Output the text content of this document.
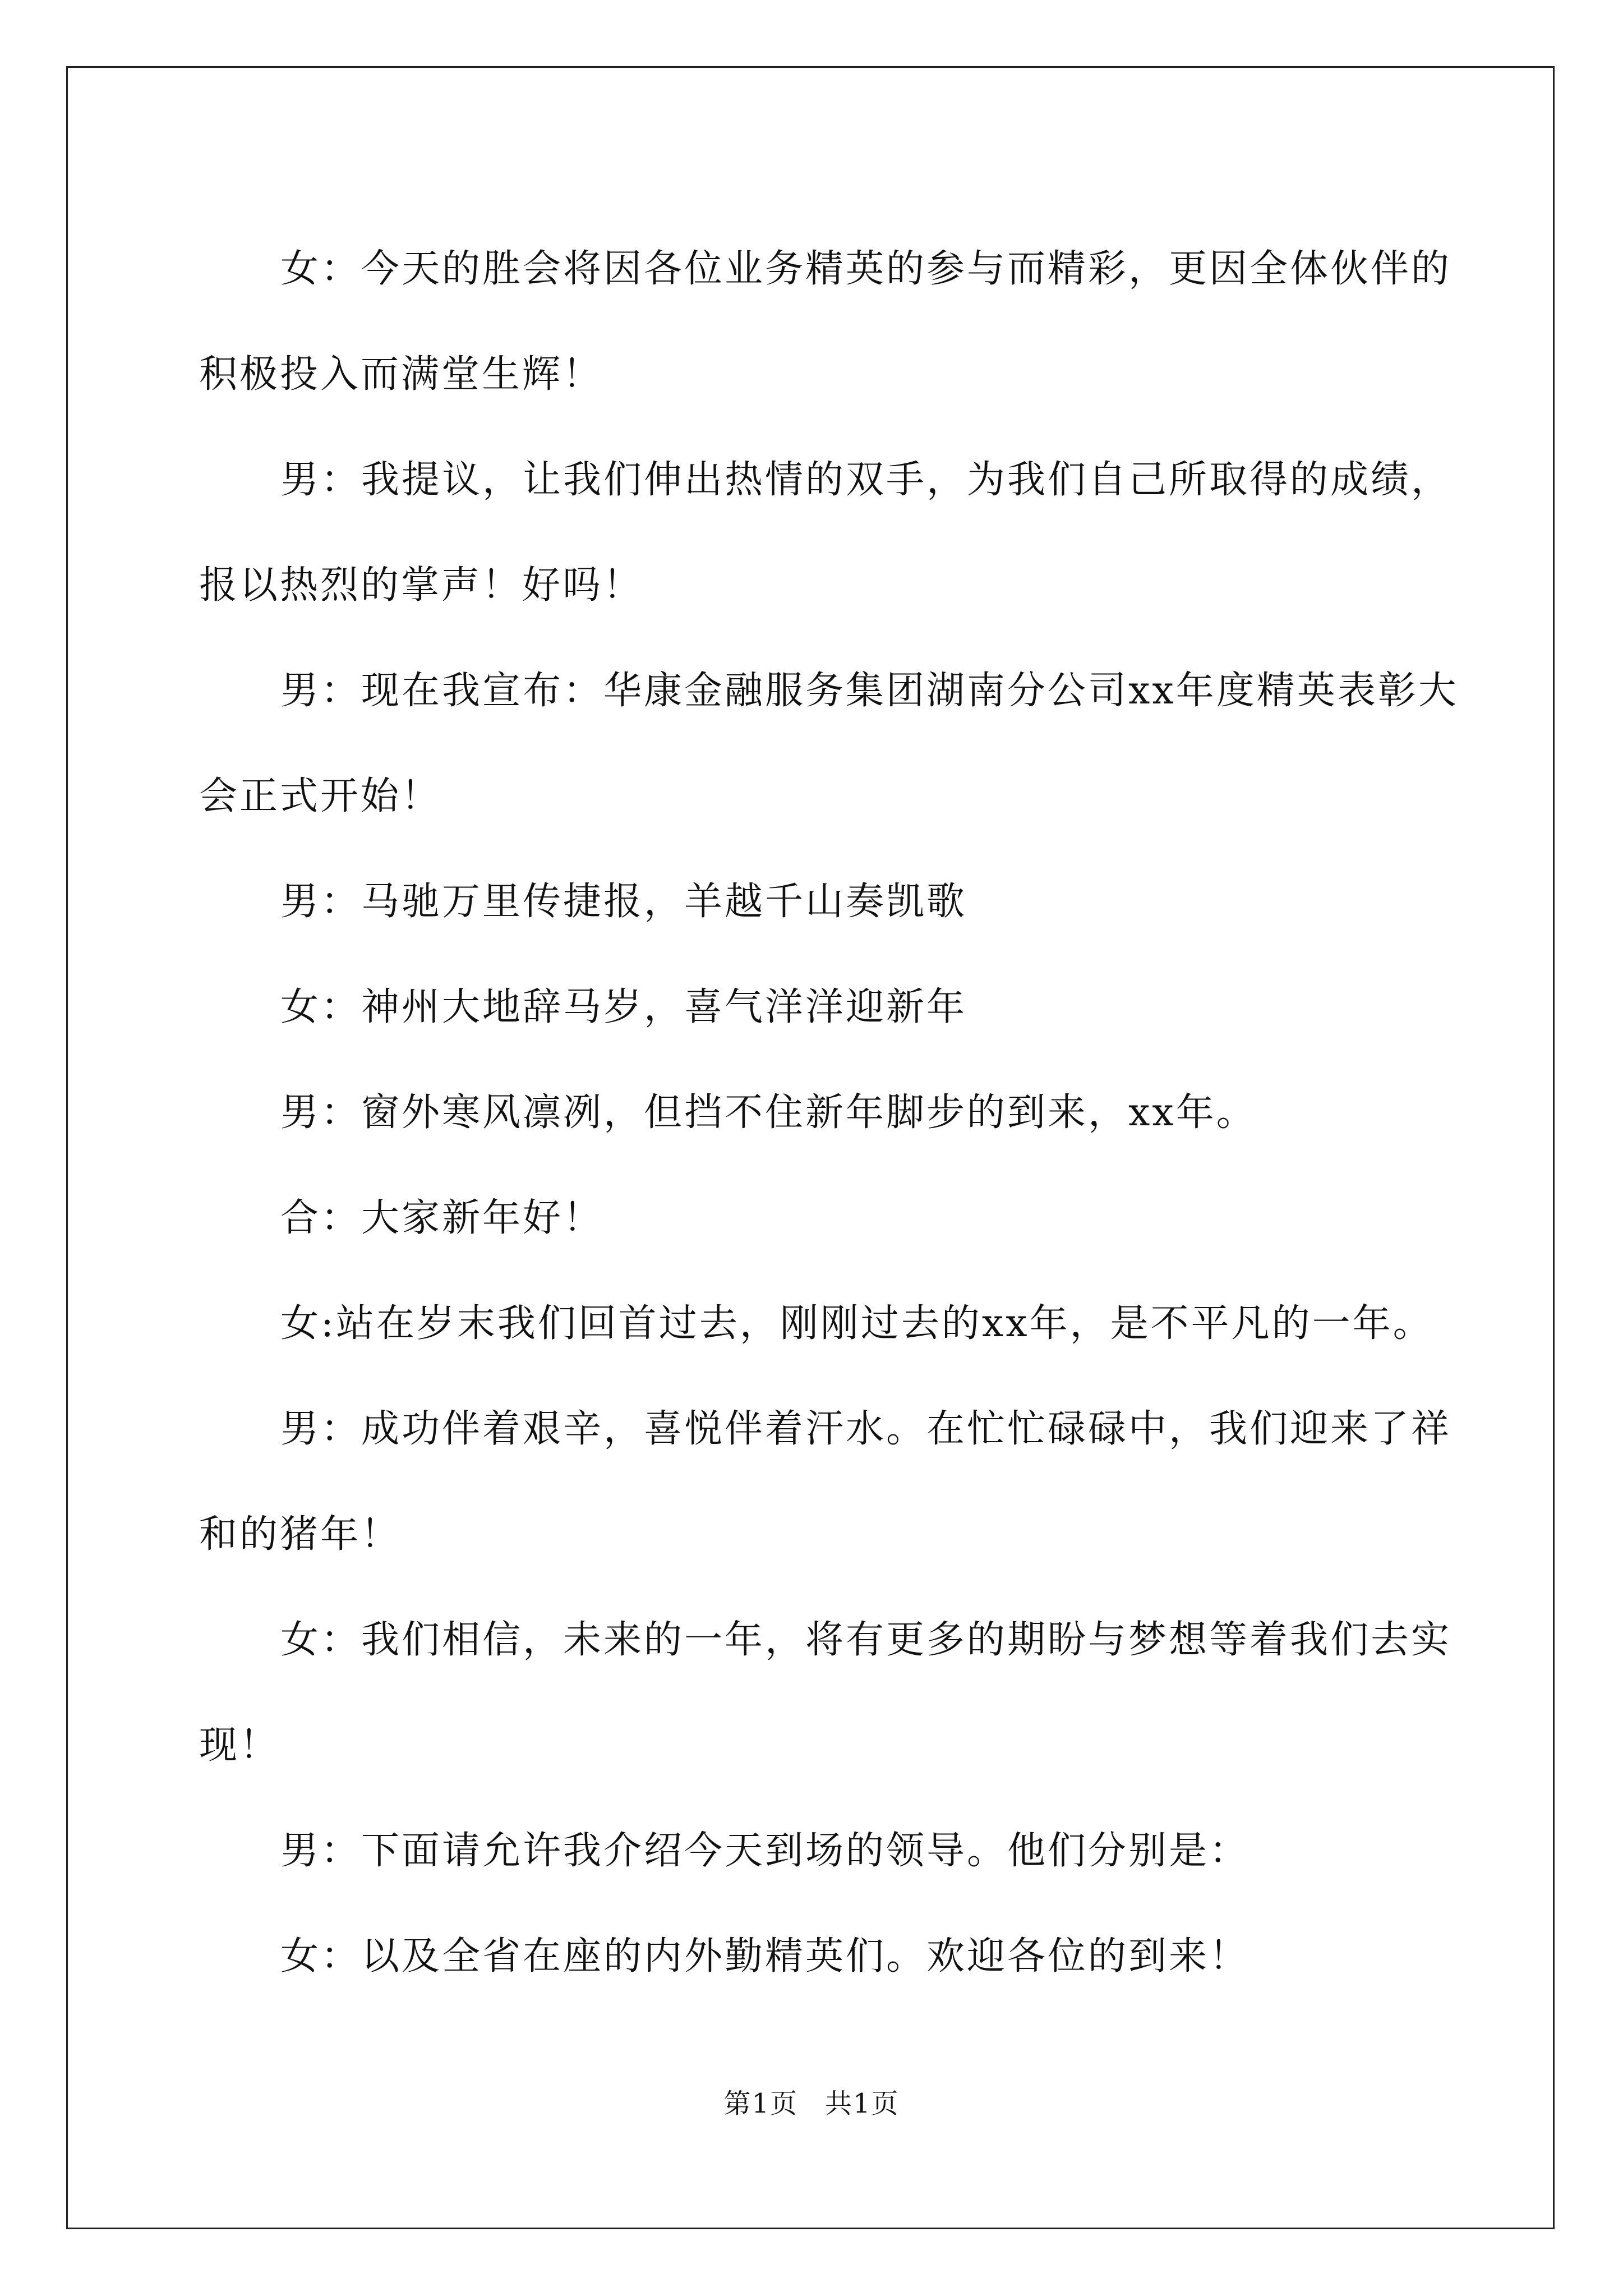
女：今天的胜会将因各位业务精英的参与而精彩，更因全体伙伴的积极投入而满堂生辉！

男：我提议，让我们伸出热情的双手，为我们自己所取得的成绩，报以热烈的掌声！好吗！

男：现在我宣布：华康金融服务集团湖南分公司xx年度精英表彰大会正式开始！

男：马驰万里传捷报，羊越千山奏凯歌

女：神州大地辞马岁，喜气洋洋迎新年

男：窗外寒风凛冽，但挡不住新年脚步的到来，xx年。

合：大家新年好！

女:站在岁末我们回首过去，刚刚过去的xx年，是不平凡的一年。

男：成功伴着艰辛，喜悦伴着汗水。在忙忙碌碌中，我们迎来了祥和的猪年！

女：我们相信，未来的一年，将有更多的期盼与梦想等着我们去实现！

男：下面请允许我介绍今天到场的领导。他们分别是：

女：以及全省在座的内外勤精英们。欢迎各位的到来！

第1页 共1页
